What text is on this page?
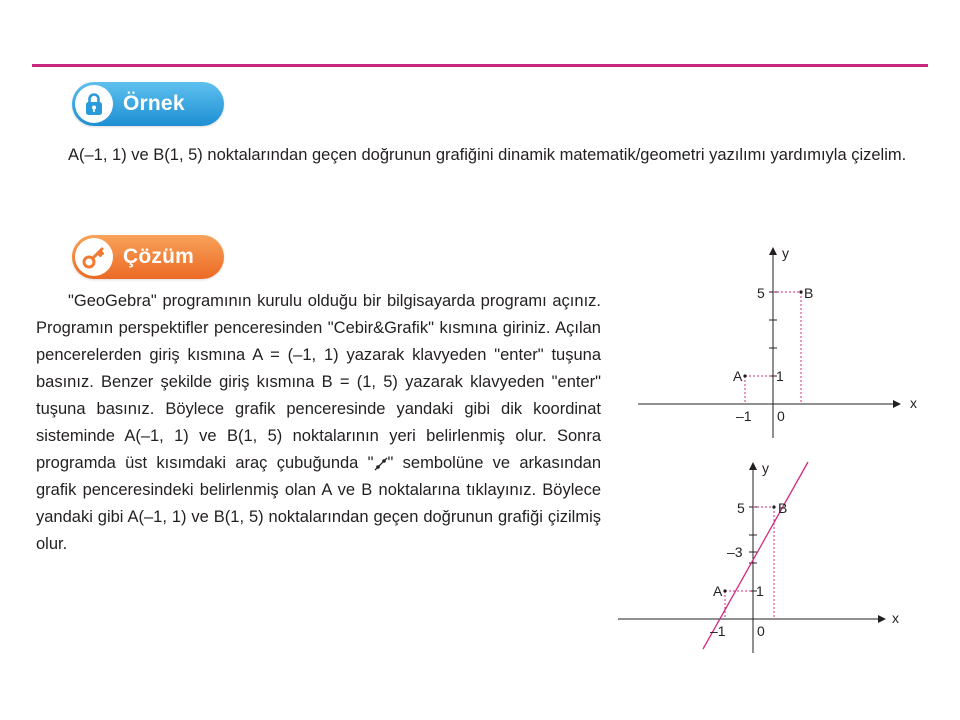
Örnek

A(–1, 1) ve B(1, 5) noktalarından geçen doğrunun grafiğini dinamik matematik/geometri yazılımı yardımıyla çizelim.

Çözüm

"GeoGebra" programının kurulu olduğu bir bilgisayarda programı açınız. Programın perspektifler penceresinden "Cebir&Grafik" kısmına giriniz. Açılan pencerelerden giriş kısmına A = (–1, 1) yazarak klavyeden "enter" tuşuna basınız. Benzer şekilde giriş kısmına B = (1, 5) yazarak klavyeden "enter" tuşuna basınız. Böylece grafik penceresinde yandaki gibi dik koordinat sisteminde A(–1, 1) ve B(1, 5) noktalarının yeri belirlenmiş olur. Sonra programda üst kısımdaki araç çubuğunda " " sembolüne ve arkasından grafik penceresindeki belirlenmiş olan A ve B noktalarına tıklayınız. Böylece yandaki gibi A(–1, 1) ve B(1, 5) noktalarından geçen doğrunun grafiği çizilmiş olur.

y
x
5	B
A 1
–1 0
y
x
5 B
–3
A 1
–1 0
